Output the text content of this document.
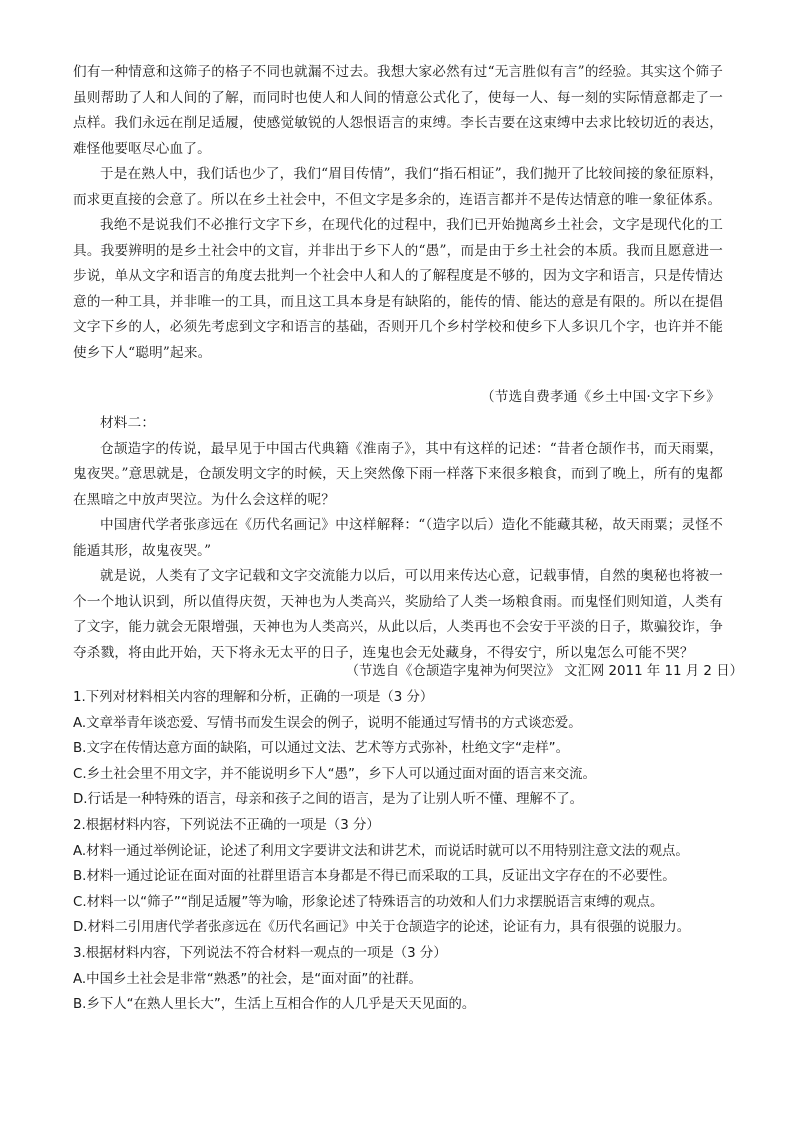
们有一种情意和这筛子的格子不同也就漏不过去。我想大家必然有过“无言胜似有言”的经验。其实这个筛子虽则帮助了人和人间的了解，而同时也使人和人间的情意公式化了，使每一人、每一刻的实际情意都走了一点样。我们永远在削足适履，使感觉敏锐的人怨恨语言的束缚。李长吉要在这束缚中去求比较切近的表达，难怪他要呕尽心血了。

于是在熟人中，我们话也少了，我们“眉目传情”，我们“指石相证”，我们抛开了比较间接的象征原料，而求更直接的会意了。所以在乡土社会中，不但文字是多余的，连语言都并不是传达情意的唯一象征体系。

我绝不是说我们不必推行文字下乡，在现代化的过程中，我们已开始抛离乡土社会，文字是现代化的工具。我要辨明的是乡土社会中的文盲，并非出于乡下人的“愚”，而是由于乡土社会的本质。我而且愿意进一步说，单从文字和语言的角度去批判一个社会中人和人的了解程度是不够的，因为文字和语言，只是传情达意的一种工具，并非唯一的工具，而且这工具本身是有缺陷的，能传的情、能达的意是有限的。所以在提倡文字下乡的人，必须先考虑到文字和语言的基础，否则开几个乡村学校和使乡下人多识几个字，也许并不能使乡下人“聪明”起来。

（节选自费孝通《乡土中国·文字下乡》

材料二：

仓颉造字的传说，最早见于中国古代典籍《淮南子》，其中有这样的记述：“昔者仓颉作书，而天雨粟，鬼夜哭。”意思就是，仓颉发明文字的时候，天上突然像下雨一样落下来很多粮食，而到了晚上，所有的鬼都在黑暗之中放声哭泣。为什么会这样的呢？

中国唐代学者张彦远在《历代名画记》中这样解释：“（造字以后）造化不能藏其秘，故天雨粟；灵怪不能遁其形，故鬼夜哭。”

就是说，人类有了文字记载和文字交流能力以后，可以用来传达心意，记载事情，自然的奥秘也将被一个一个地认识到，所以值得庆贺，天神也为人类高兴，奖励给了人类一场粮食雨。而鬼怪们则知道，人类有了文字，能力就会无限增强，天神也为人类高兴，从此以后，人类再也不会安于平淡的日子，欺骗狡诈，争夺杀戮，将由此开始，天下将永无太平的日子，连鬼也会无处藏身，不得安宁，所以鬼怎么可能不哭？

（节选自《仓颉造字鬼神为何哭泣》 文汇网 2011 年 11 月 2 日）

1.下列对材料相关内容的理解和分析，正确的一项是（3 分）

A.文章举青年谈恋爱、写情书而发生误会的例子，说明不能通过写情书的方式谈恋爱。

B.文字在传情达意方面的缺陷，可以通过文法、艺术等方式弥补，杜绝文字“走样”。

C.乡土社会里不用文字，并不能说明乡下人“愚”，乡下人可以通过面对面的语言来交流。

D.行话是一种特殊的语言，母亲和孩子之间的语言，是为了让别人听不懂、理解不了。

2.根据材料内容，下列说法不正确的一项是（3 分）

A.材料一通过举例论证，论述了利用文字要讲文法和讲艺术，而说话时就可以不用特别注意文法的观点。

B.材料一通过论证在面对面的社群里语言本身都是不得已而采取的工具，反证出文字存在的不必要性。

C.材料一以“筛子”“削足适履”等为喻，形象论述了特殊语言的功效和人们力求摆脱语言束缚的观点。

D.材料二引用唐代学者张彦远在《历代名画记》中关于仓颉造字的论述，论证有力，具有很强的说服力。

3.根据材料内容，下列说法不符合材料一观点的一项是（3 分）

A.中国乡土社会是非常“熟悉”的社会，是“面对面”的社群。

B.乡下人“在熟人里长大”，生活上互相合作的人几乎是天天见面的。
